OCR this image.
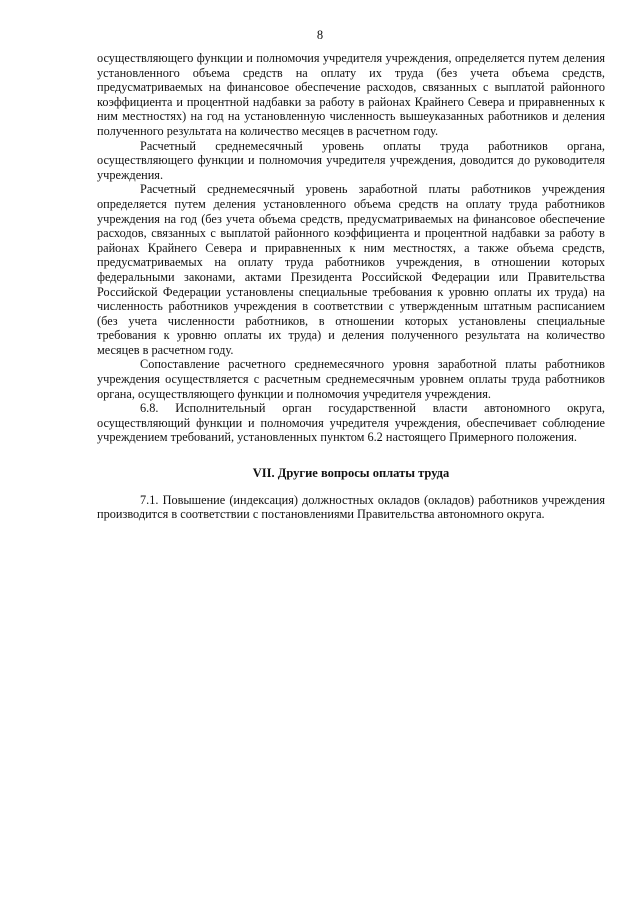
8

осуществляющего функции и полномочия учредителя учреждения, определяется путем деления установленного объема средств на оплату их труда (без учета объема средств, предусматриваемых на финансовое обеспечение расходов, связанных с выплатой районного коэффициента и процентной надбавки за работу в районах Крайнего Севера и приравненных к ним местностях) на год на установленную численность вышеуказанных работников и деления полученного результата на количество месяцев в расчетном году.

Расчетный среднемесячный уровень оплаты труда работников органа, осуществляющего функции и полномочия учредителя учреждения, доводится до руководителя учреждения.

Расчетный среднемесячный уровень заработной платы работников учреждения определяется путем деления установленного объема средств на оплату труда работников учреждения на год (без учета объема средств, предусматриваемых на финансовое обеспечение расходов, связанных с выплатой районного коэффициента и процентной надбавки за работу в районах Крайнего Севера и приравненных к ним местностях, а также объема средств, предусматриваемых на оплату труда работников учреждения, в отношении которых федеральными законами, актами Президента Российской Федерации или Правительства Российской Федерации установлены специальные требования к уровню оплаты их труда) на численность работников учреждения в соответствии с утвержденным штатным расписанием (без учета численности работников, в отношении которых установлены специальные требования к уровню оплаты их труда) и деления полученного результата на количество месяцев в расчетном году.

Сопоставление расчетного среднемесячного уровня заработной платы работников учреждения осуществляется с расчетным среднемесячным уровнем оплаты труда работников органа, осуществляющего функции и полномочия учредителя учреждения.

6.8. Исполнительный орган государственной власти автономного округа, осуществляющий функции и полномочия учредителя учреждения, обеспечивает соблюдение учреждением требований, установленных пунктом 6.2 настоящего Примерного положения.

VII. Другие вопросы оплаты труда

7.1. Повышение (индексация) должностных окладов (окладов) работников учреждения производится в соответствии с постановлениями Правительства автономного округа.
